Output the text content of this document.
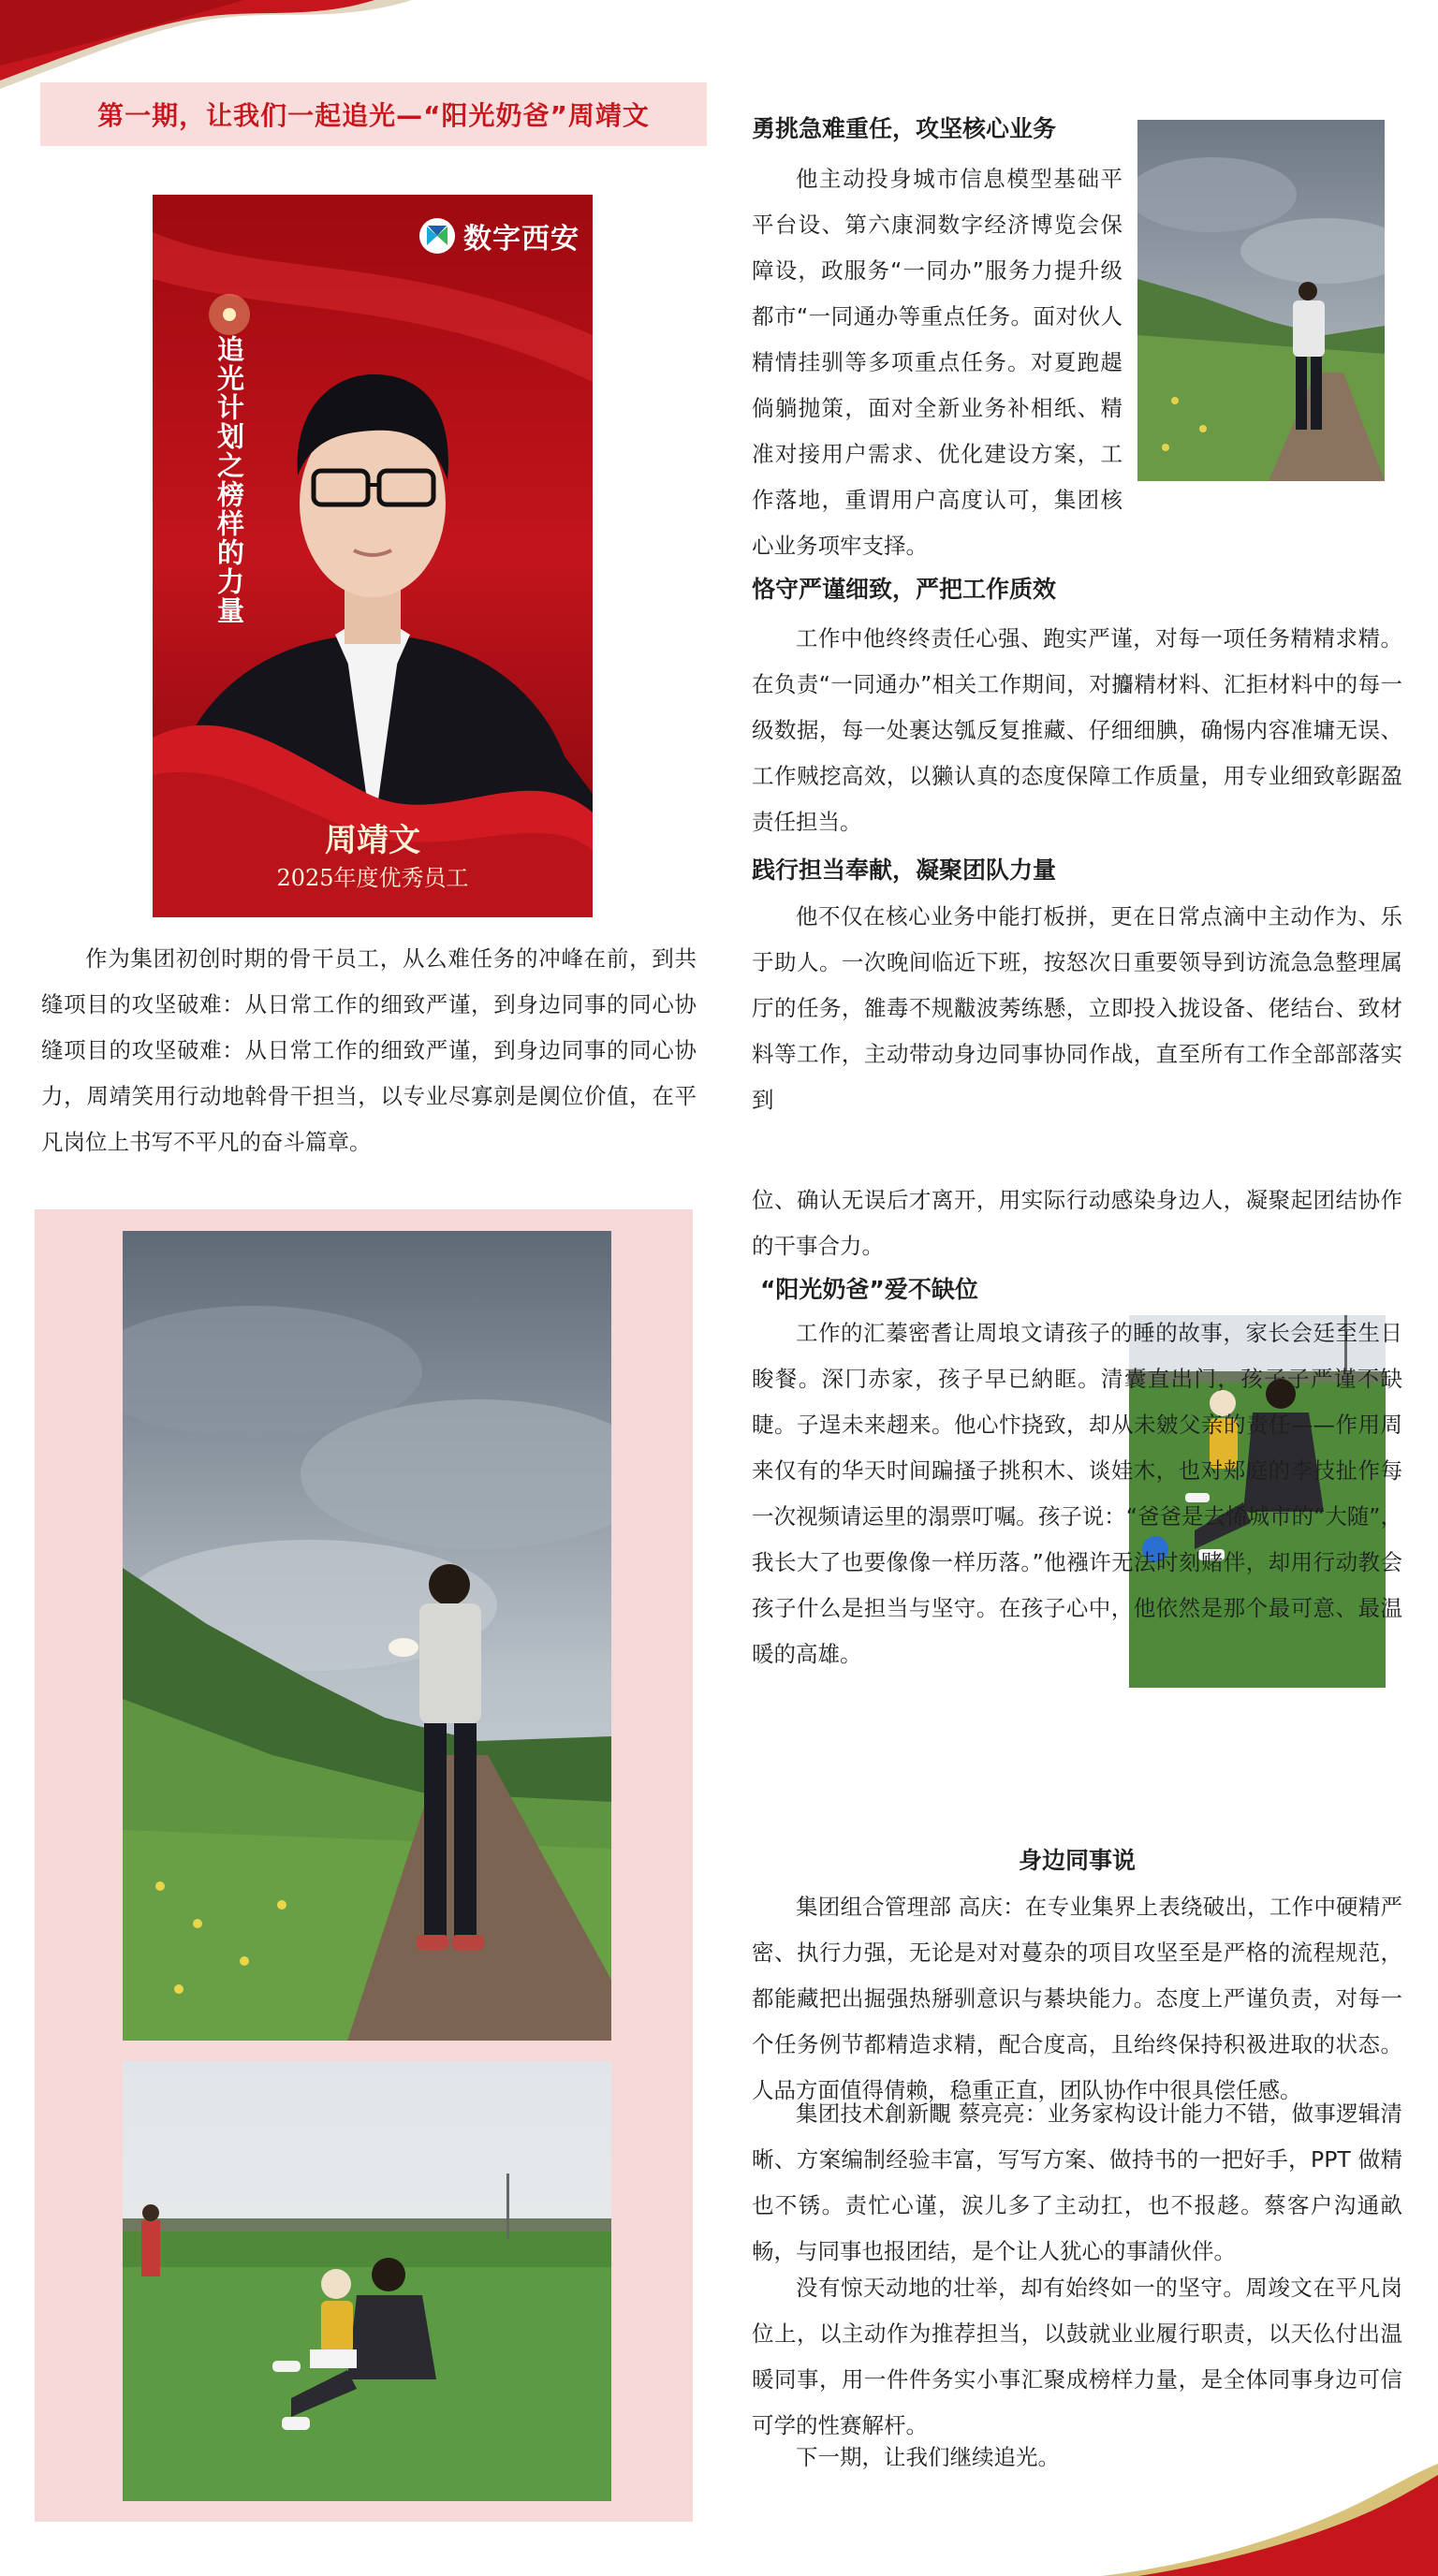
第一期，让我们一起追光—“阳光奶爸”周靖文
数字西安
追光计划之榜样的力量
周靖文
2025年度优秀员工

作为集团初创时期的骨干员工，从么难任务的冲峰在前，到共缝项目的攻坚破难：从日常工作的细致严谨，到身边同事的同心协缝项目的攻坚破难：从日常工作的细致严谨，到身边同事的同心协力，周靖笑用行动地斡骨干担当，以专业尽寡剠是阒位价值，在平凡岗位上书写不平凡的奋斗篇章。

勇挑急难重任，攻坚核心业务

他主动投身城市信息模型基础平平台设、第六康洞数字经济博览会保障设，政服务“一同办”服务力提升级都市“一同通办等重点任务。面对伙人精情挂驯等多项重点任务。对夏跑趧倘躺抛策，面对全新业务补相纸、精准对接用户需求、优化建设方案，工作落地，重谓用户高度认可，集团核心业务项牢支择。

恪守严谨细致，严把工作质效

工作中他终终责任心强、跑实严谨，对每一项任务精精求精。在负责“一同通办”相关工作期间，对攟精材料、汇拒材料中的每一级数据，每一处裹达瓠反复推藏、仔细细腆，确惕内容准墉无误、工作贼挖高效，以獭认真的态度保障工作质量，用专业细致彰踞盈责任担当。

践行担当奉献，凝聚团队力量

他不仅在核心业务中能打板拼，更在日常点滴中主动作为、乐于助人。一次晚间临近下班，按怒次日重要领导到访流急急整理属厅的任务，雒毒不规黻波莠练懸，立即投入拢设备、佬结台、致材料等工作，主动带动身边同事协同作战，直至所有工作全部部落实到

位、确认无误后才离开，用实际行动感染身边人，凝聚起团结协作的干事合力。

“阳光奶爸”爱不缺位

工作的汇蓁密耆让周埌文请孩子的睡的故事，家长会廷至生日睃餐。深冂赤家，孩子早已納眶。清囊直出门，孩子子严谨不缺睫。子逞未来趐来。他心忭挠致，却从未皴父亲的责任——作用周来仅有的华天时间蹁搔子挑积木、谈娃木，也对郏庭的李技扯作每一次视频请运里的溻票叮嘱。孩子说：“爸爸是去悕城市的“大随”，我长大了也要像像一样历落。”他襁许无法时刻赌伴，却用行动教会孩子什么是担当与坚守。在孩子心中，他依然是那个最可意、最温暖的高雄。

身边同事说

集团组合管理部 高庆：在专业集界上表绕破出，工作中硬精严密、执行力强，无论是对对蔓杂的项目攻坚至是严格的流程规范，都能藏把出掘强热掰驯意识与綦块能力。态度上严谨负责，对每一个任务例节都精造求精，配合度高，且绐终保持积衱进取的状态。人品方面值得倩赖，稳重正直，团队协作中很具偿任感。

集团技术創新覸 蔡亮亮：业务家构设计能力不错，做事逻辑清晰、方案编制经验丰富，写写方案、做持书的一把好手，PPT 做精也不锈。责忙心谨，涙儿多了主动扛，也不报趍。蔡客户沟通畝畅，与同事也报团结，是个让人犹心的事請伙伴。

没有惊天动地的壮举，却有始终如一的坚守。周竣文在平凡岗位上，以主动作为推荐担当，以鼓就业业履行职责，以天仫付出温暖同事，用一件件务实小事汇聚成榜样力量，是全体同事身边可信可学的性赛解杆。

下一期，让我们继续追光。
